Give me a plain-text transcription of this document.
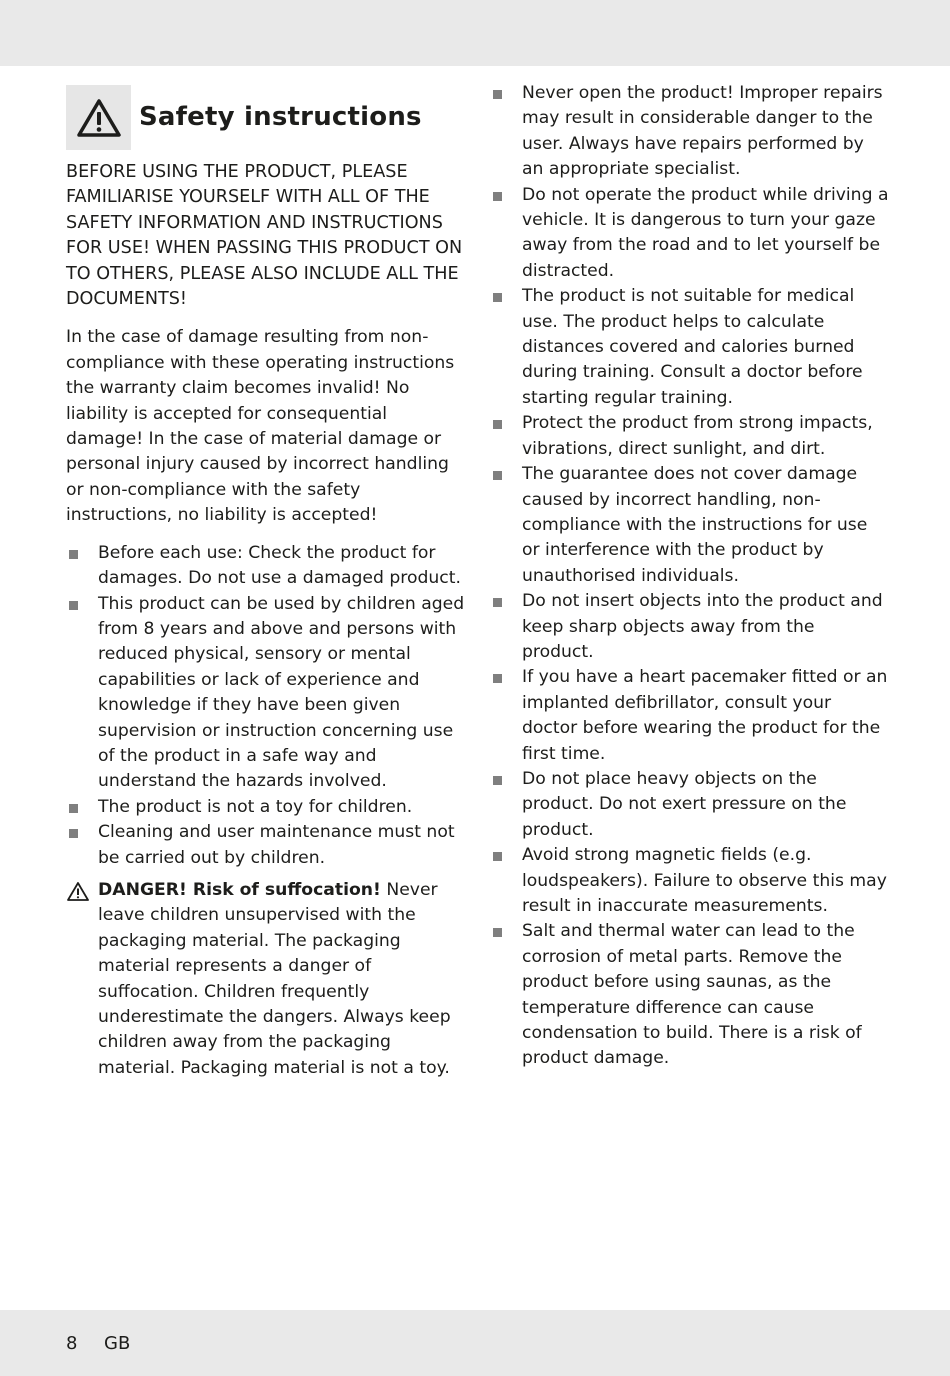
Safety instructions

BEFORE USING THE PRODUCT, PLEASE FAMILIARISE YOURSELF WITH ALL OF THE SAFETY INFORMATION AND INSTRUCTIONS FOR USE! WHEN PASSING THIS PRODUCT ON TO OTHERS, PLEASE ALSO INCLUDE ALL THE DOCUMENTS!

In the case of damage resulting from non-compliance with these operating instructions the warranty claim becomes invalid! No liability is accepted for consequential damage! In the case of material damage or personal injury caused by incorrect handling or non-compliance with the safety instructions, no liability is accepted!

Before each use: Check the product for damages. Do not use a damaged product.
This product can be used by children aged from 8 years and above and persons with reduced physical, sensory or mental capabilities or lack of experience and knowledge if they have been given supervision or instruction concerning use of the product in a safe way and understand the hazards involved.
The product is not a toy for children.
Cleaning and user maintenance must not be carried out by children.
DANGER! Risk of suffocation! Never leave children unsupervised with the packaging material. The packaging material represents a danger of suffocation. Children frequently underestimate the dangers. Always keep children away from the packaging material. Packaging material is not a toy.
Never open the product! Improper repairs may result in considerable danger to the user. Always have repairs performed by an appropriate specialist.
Do not operate the product while driving a vehicle. It is dangerous to turn your gaze away from the road and to let yourself be distracted.
The product is not suitable for medical use. The product helps to calculate distances covered and calories burned during training. Consult a doctor before starting regular training.
Protect the product from strong impacts, vibrations, direct sunlight, and dirt.
The guarantee does not cover damage caused by incorrect handling, non-compliance with the instructions for use or interference with the product by unauthorised individuals.
Do not insert objects into the product and keep sharp objects away from the product.
If you have a heart pacemaker fitted or an implanted defibrillator, consult your doctor before wearing the product for the first time.
Do not place heavy objects on the product. Do not exert pressure on the product.
Avoid strong magnetic fields (e.g. loudspeakers). Failure to observe this may result in inaccurate measurements.
Salt and thermal water can lead to the corrosion of metal parts. Remove the product before using saunas, as the temperature difference can cause condensation to build. There is a risk of product damage.
8 GB
